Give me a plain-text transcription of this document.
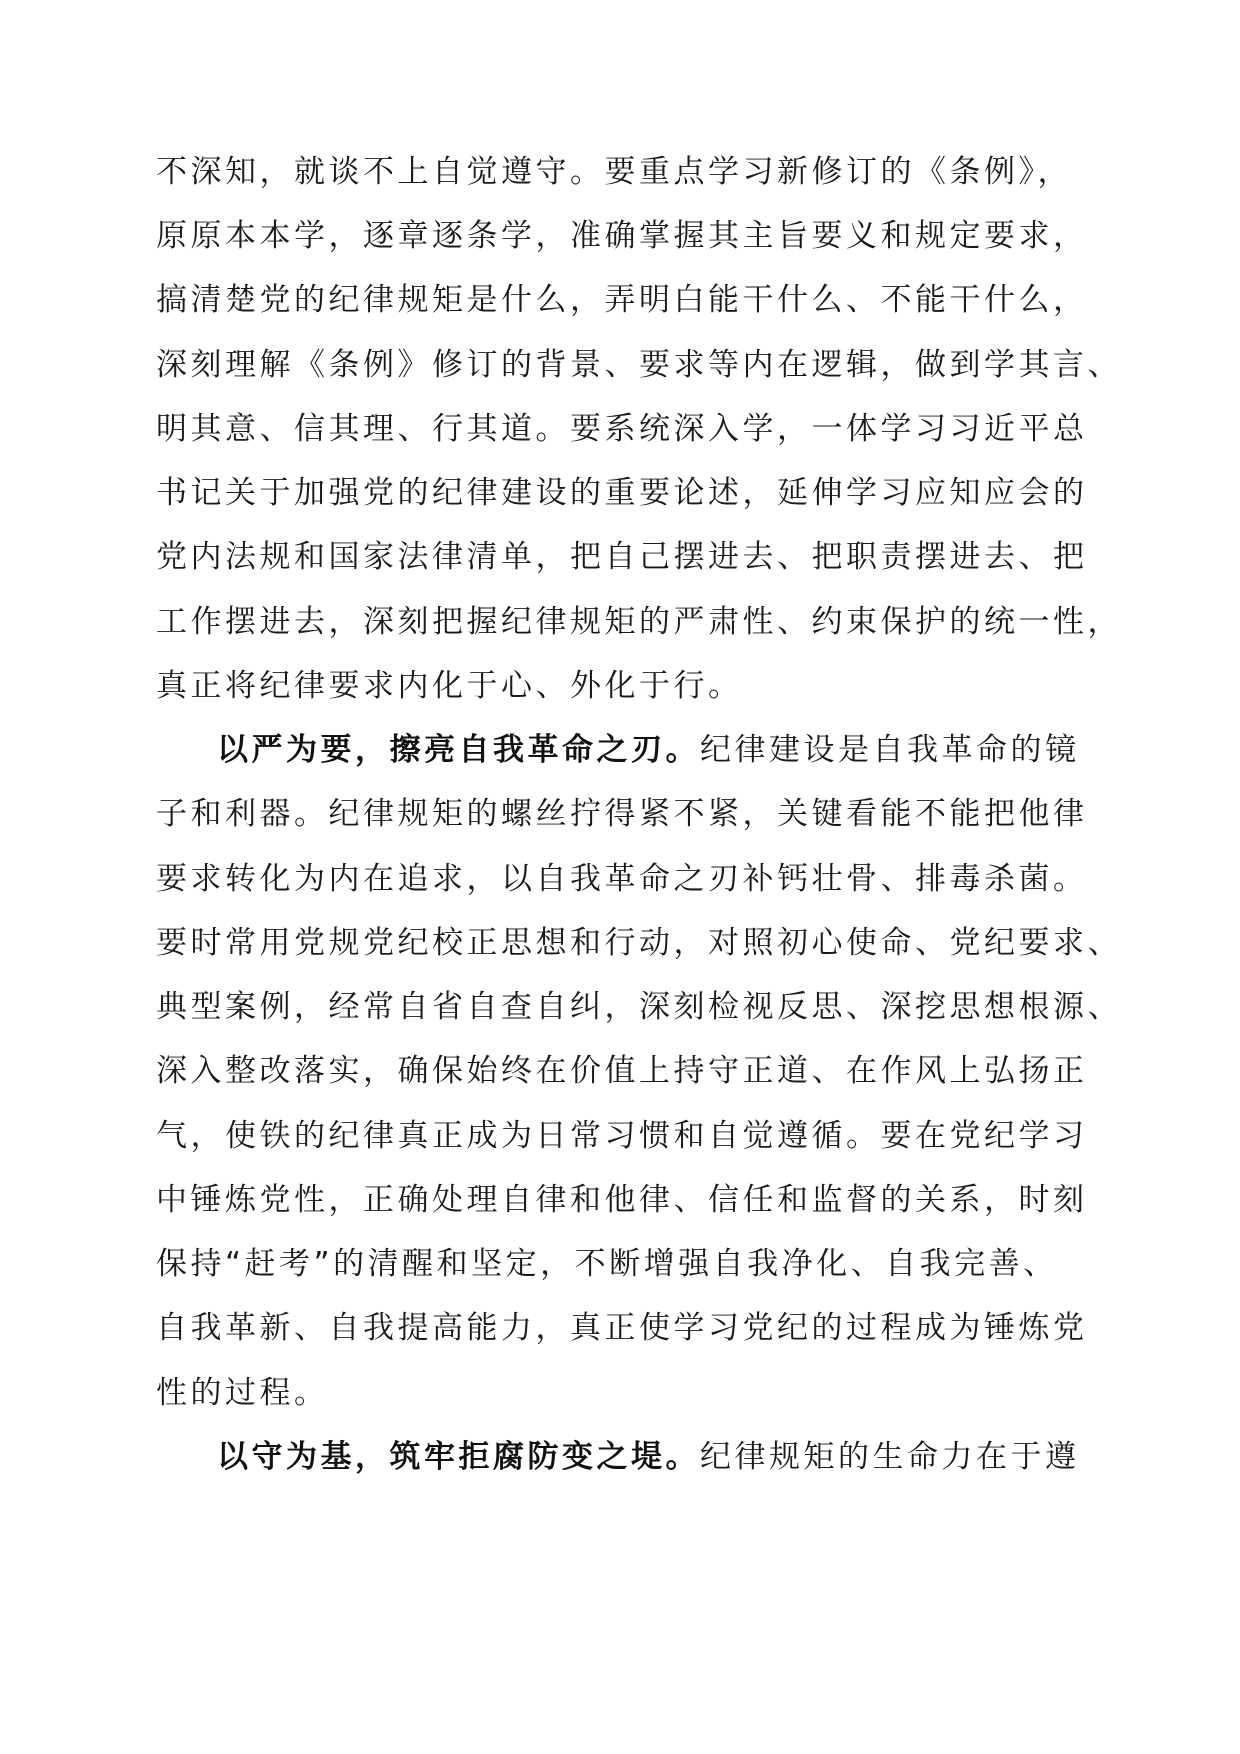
不深知，就谈不上自觉遵守。要重点学习新修订的《条例》，
原原本本学，逐章逐条学，准确掌握其主旨要义和规定要求，
搞清楚党的纪律规矩是什么，弄明白能干什么、不能干什么，
深刻理解《条例》修订的背景、要求等内在逻辑，做到学其言、
明其意、信其理、行其道。要系统深入学，一体学习习近平总
书记关于加强党的纪律建设的重要论述，延伸学习应知应会的
党内法规和国家法律清单，把自己摆进去、把职责摆进去、把
工作摆进去，深刻把握纪律规矩的严肃性、约束保护的统一性，
真正将纪律要求内化于心、外化于行。
以严为要，擦亮自我革命之刃。纪律建设是自我革命的镜
子和利器。纪律规矩的螺丝拧得紧不紧，关键看能不能把他律
要求转化为内在追求，以自我革命之刃补钙壮骨、排毒杀菌。
要时常用党规党纪校正思想和行动，对照初心使命、党纪要求、
典型案例，经常自省自查自纠，深刻检视反思、深挖思想根源、
深入整改落实，确保始终在价值上持守正道、在作风上弘扬正
气，使铁的纪律真正成为日常习惯和自觉遵循。要在党纪学习
中锤炼党性，正确处理自律和他律、信任和监督的关系，时刻
保持“赶考”的清醒和坚定，不断增强自我净化、自我完善、
自我革新、自我提高能力，真正使学习党纪的过程成为锤炼党
性的过程。
以守为基，筑牢拒腐防变之堤。纪律规矩的生命力在于遵
